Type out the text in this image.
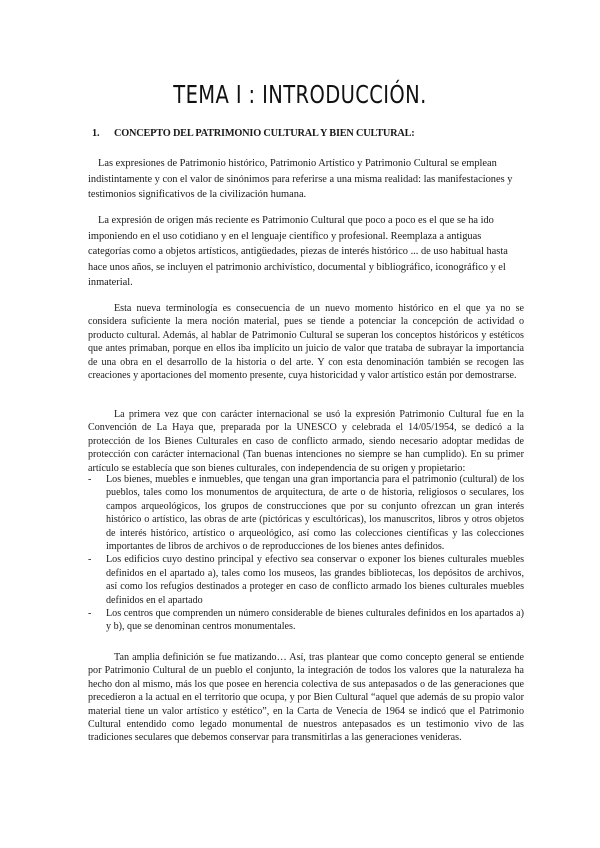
TEMA I : INTRODUCCIÓN.
1. CONCEPTO DEL PATRIMONIO CULTURAL Y BIEN CULTURAL:

Las expresiones de Patrimonio histórico, Patrimonio Artístico y Patrimonio Cultural se emplean indistintamente y con el valor de sinónimos para referirse a una misma realidad: las manifestaciones y testimonios significativos de la civilización humana.

La expresión de origen más reciente es Patrimonio Cultural que poco a poco es el que se ha ido imponiendo en el uso cotidiano y en el lenguaje científico y profesional. Reemplaza a antiguas categorías como a objetos artísticos, antigüedades, piezas de interés histórico ... de uso habitual hasta hace unos años, se incluyen el patrimonio archivístico, documental y bibliográfico, iconográfico y el inmaterial.

Esta nueva terminología es consecuencia de un nuevo momento histórico en el que ya no se considera suficiente la mera noción material, pues se tiende a potenciar la concepción de actividad o producto cultural. Además, al hablar de Patrimonio Cultural se superan los conceptos históricos y estéticos que antes primaban, porque en ellos iba implícito un juicio de valor que trataba de subrayar la importancia de una obra en el desarrollo de la historia o del arte. Y con esta denominación también se recogen las creaciones y aportaciones del momento presente, cuya historicidad y valor artístico están por demostrarse.

La primera vez que con carácter internacional se usó la expresión Patrimonio Cultural fue en la Convención de La Haya que, preparada por la UNESCO y celebrada el 14/05/1954, se dedicó a la protección de los Bienes Culturales en caso de conflicto armado, siendo necesario adoptar medidas de protección con carácter internacional (Tan buenas intenciones no siempre se han cumplido). En su primer artículo se establecía que son bienes culturales, con independencia de su origen y propietario:

- Los bienes, muebles e inmuebles, que tengan una gran importancia para el patrimonio (cultural) de los pueblos, tales como los monumentos de arquitectura, de arte o de historia, religiosos o seculares, los campos arqueológicos, los grupos de construcciones que por su conjunto ofrezcan un gran interés histórico o artístico, las obras de arte (pictóricas y escultóricas), los manuscritos, libros y otros objetos de interés histórico, artístico o arqueológico, así como las colecciones científicas y las colecciones importantes de libros de archivos o de reproducciones de los bienes antes definidos.
- Los edificios cuyo destino principal y efectivo sea conservar o exponer los bienes culturales muebles definidos en el apartado a), tales como los museos, las grandes bibliotecas, los depósitos de archivos, así como los refugios destinados a proteger en caso de conflicto armado los bienes culturales muebles definidos en el apartado
- Los centros que comprenden un número considerable de bienes culturales definidos en los apartados a) y b), que se denominan centros monumentales.

Tan amplia definición se fue matizando… Así, tras plantear que como concepto general se entiende por Patrimonio Cultural de un pueblo el conjunto, la integración de todos los valores que la naturaleza ha hecho don al mismo, más los que posee en herencia colectiva de sus antepasados o de las generaciones que precedieron a la actual en el territorio que ocupa, y por Bien Cultural “aquel que además de su propio valor material tiene un valor artístico y estético”, en la Carta de Venecia de 1964 se indicó que el Patrimonio Cultural entendido como legado monumental de nuestros antepasados es un testimonio vivo de las tradiciones seculares que debemos conservar para transmitirlas a las generaciones venideras.
